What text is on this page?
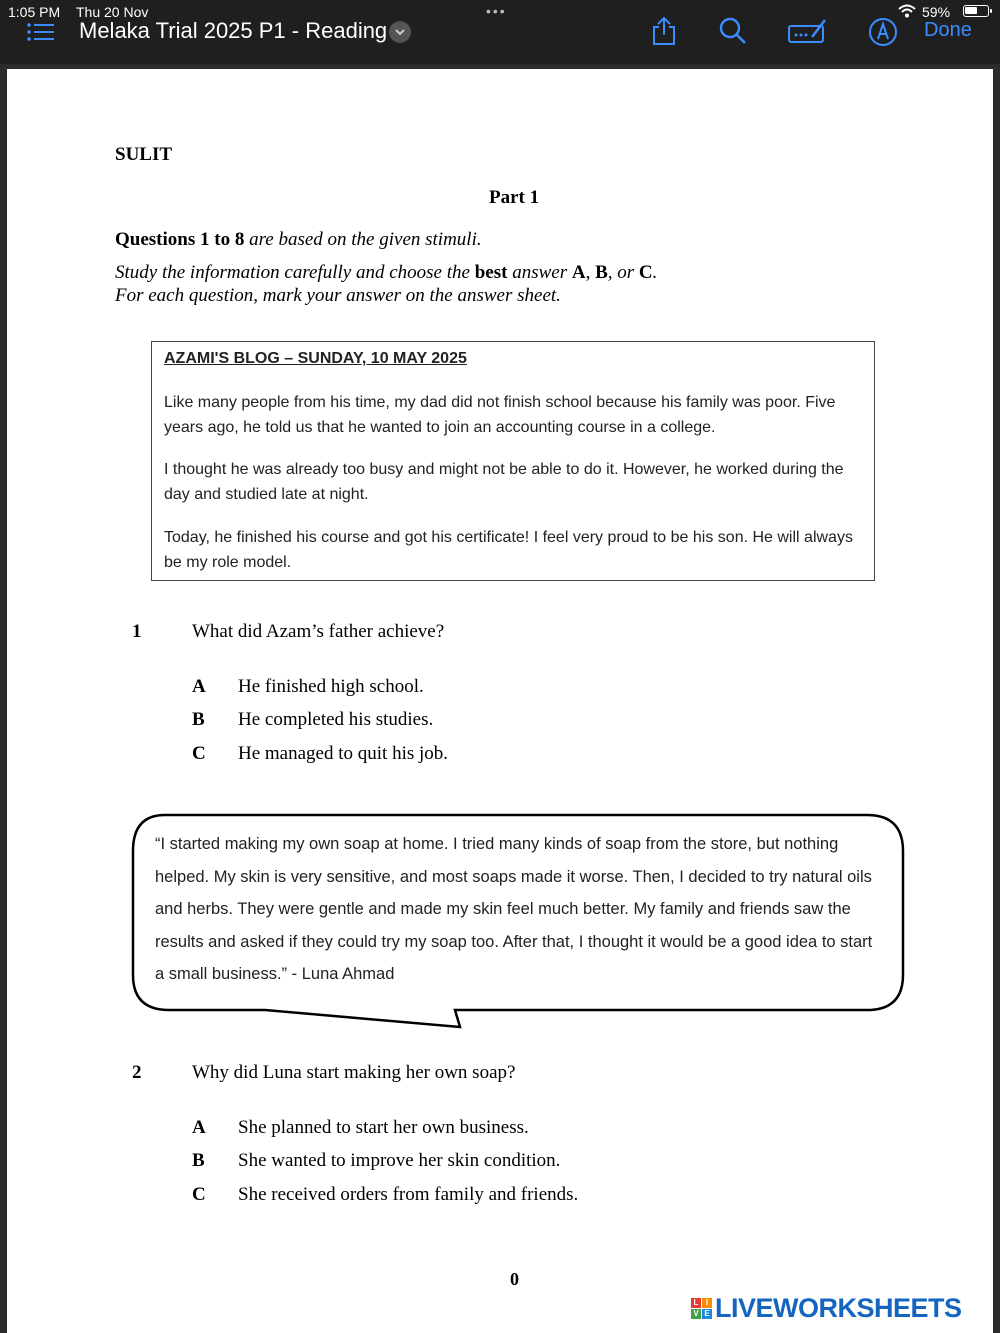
1:05 PM Thu 20 Nov	•••	59%
Melaka Trial 2025 P1 - Reading	Done
SULIT
Part 1
Questions 1 to 8 are based on the given stimuli.
Study the information carefully and choose the best answer A, B, or C.
For each question, mark your answer on the answer sheet.
AZAMI'S BLOG – SUNDAY, 10 MAY 2025
Like many people from his time, my dad did not finish school because his family was poor. Five years ago, he told us that he wanted to join an accounting course in a college.
I thought he was already too busy and might not be able to do it. However, he worked during the day and studied late at night.
Today, he finished his course and got his certificate! I feel very proud to be his son. He will always be my role model.
1	What did Azam’s father achieve?
A He finished high school.
B He completed his studies.
C He managed to quit his job.
“I started making my own soap at home. I tried many kinds of soap from the store, but nothing helped. My skin is very sensitive, and most soaps made it worse. Then, I decided to try natural oils and herbs. They were gentle and made my skin feel much better. My family and friends saw the results and asked if they could try my soap too. After that, I thought it would be a good idea to start a small business.” - Luna Ahmad
2	Why did Luna start making her own soap?
A She planned to start her own business.
B She wanted to improve her skin condition.
C She received orders from family and friends.
0
L I
V E LIVEWORKSHEETS
